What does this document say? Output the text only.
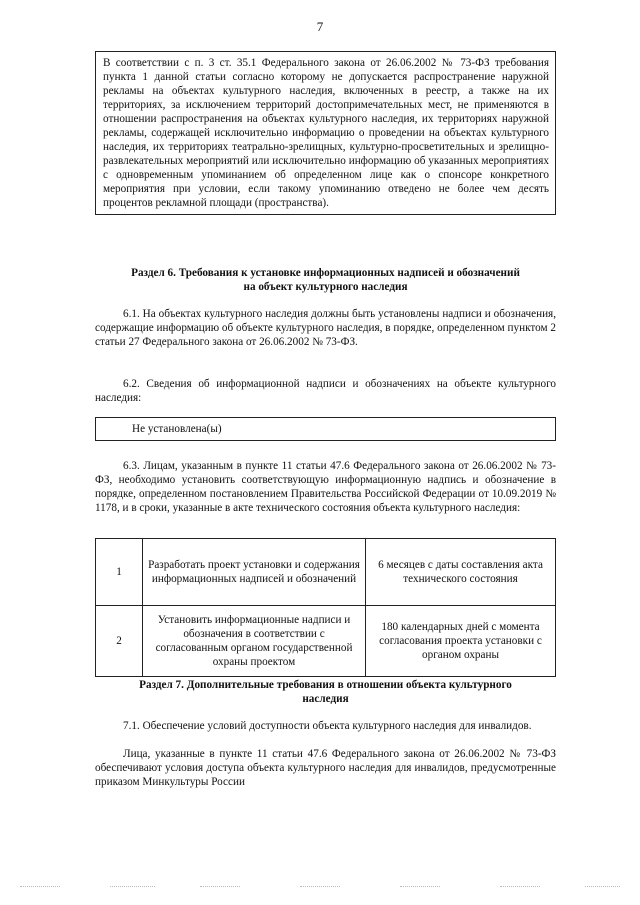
7
В соответствии с п. 3 ст. 35.1 Федерального закона от 26.06.2002 № 73-ФЗ требования пункта 1 данной статьи согласно которому не допускается распространение наружной рекламы на объектах культурного наследия, включенных в реестр, а также на их территориях, за исключением территорий достопримечательных мест, не применяются в отношении распространения на объектах культурного наследия, их территориях наружной рекламы, содержащей исключительно информацию о проведении на объектах культурного наследия, их территориях театрально-зрелищных, культурно-просветительных и зрелищно-развлекательных мероприятий или исключительно информацию об указанных мероприятиях с одновременным упоминанием об определенном лице как о спонсоре конкретного мероприятия при условии, если такому упоминанию отведено не более чем десять процентов рекламной площади (пространства).
Раздел 6. Требования к установке информационных надписей и обозначений
на объект культурного наследия
6.1. На объектах культурного наследия должны быть установлены надписи и обозначения, содержащие информацию об объекте культурного наследия, в порядке, определенном пунктом 2 статьи 27 Федерального закона от 26.06.2002 № 73-ФЗ.
6.2. Сведения об информационной надписи и обозначениях на объекте культурного наследия:
Не установлена(ы)
6.3. Лицам, указанным в пункте 11 статьи 47.6 Федерального закона от 26.06.2002 № 73-ФЗ, необходимо установить соответствующую информационную надпись и обозначение в порядке, определенном постановлением Правительства Российской Федерации от 10.09.2019 № 1178, и в сроки, указанные в акте технического состояния объекта культурного наследия:
1	Разработать проект установки и содержания информационных надписей и обозначений	6 месяцев с даты составления акта технического состояния
2	Установить информационные надписи и обозначения в соответствии с согласованным органом государственной охраны проектом	180 календарных дней с момента согласования проекта установки с органом охраны
Раздел 7. Дополнительные требования в отношении объекта культурного
наследия
7.1. Обеспечение условий доступности объекта культурного наследия для инвалидов.
Лица, указанные в пункте 11 статьи 47.6 Федерального закона от 26.06.2002 № 73-ФЗ обеспечивают условия доступа объекта культурного наследия для инвалидов, предусмотренные приказом Минкультуры России
